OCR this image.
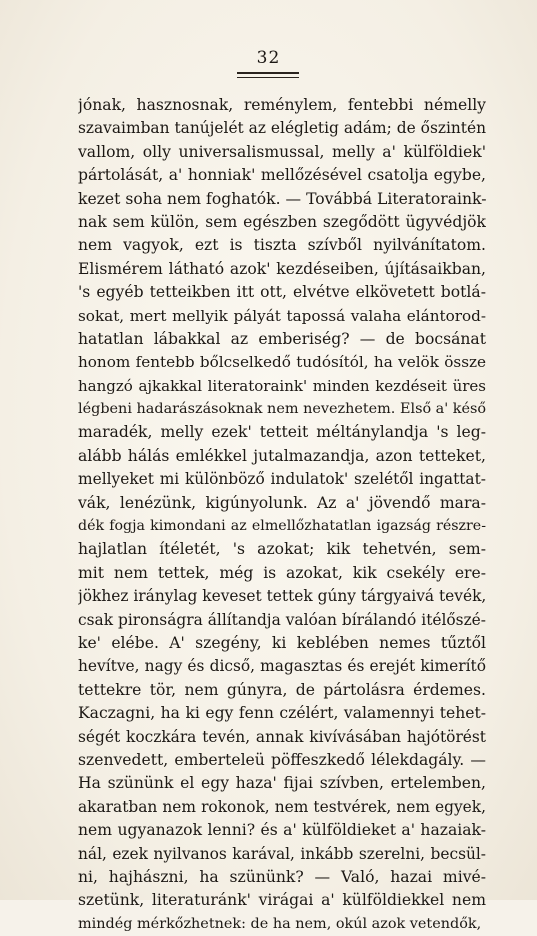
32
jónak, hasznosnak, reménylem, fentebbi némelly
szavaimban tanújelét az elégletig adám; de őszintén
vallom, olly universalismussal, melly a' külföldiek'
pártolását, a' honniak' mellőzésével csatolja egybe,
kezet soha nem foghatók. — Továbbá Literatoraink-
nak sem külön, sem egészben szegődött ügyvédjök
nem vagyok, ezt is tiszta szívből nyilvánítatom.
Elismérem látható azok' kezdéseiben, újításaikban,
's egyéb tetteikben itt ott, elvétve elkövetett botlá-
sokat, mert mellyik pályát tapossá valaha elántorod-
hatatlan lábakkal az emberiség? — de bocsánat
honom fentebb bőlcselkedő tudósítól, ha velök össze
hangzó ajkakkal literatoraink' minden kezdéseit üres
légbeni hadarászásoknak nem nevezhetem. Első a' késő
maradék, melly ezek' tetteit méltánylandja 's leg-
alább hálás emlékkel jutalmazandja, azon tetteket,
mellyeket mi különböző indulatok' szelétől ingattat-
vák, lenézünk, kigúnyolunk. Az a' jövendő mara-
dék fogja kimondani az elmellőzhatatlan igazság részre-
hajlatlan ítéletét, 's azokat; kik tehetvén, sem-
mit nem tettek, még is azokat, kik csekély ere-
jökhez iránylag keveset tettek gúny tárgyaivá tevék,
csak pironságra állítandja valóan bírálandó itélőszé-
ke' elébe. A' szegény, ki keblében nemes tűztől
hevítve, nagy és dicső, magasztas és erejét kimerítő
tettekre tör, nem gúnyra, de pártolásra érdemes.
Kaczagni, ha ki egy fenn czélért, valamennyi tehet-
ségét koczkára tevén, annak kivívásában hajótörést
szenvedett, emberteleü pöffeszkedő lélekdagály. —
Ha szününk el egy haza' fijai szívben, ertelemben,
akaratban nem rokonok, nem testvérek, nem egyek,
nem ugyanazok lenni? és a' külföldieket a' hazaiak-
nál, ezek nyilvanos karával, inkább szerelni, becsül-
ni, hajhászni, ha szününk? — Való, hazai mivé-
szetünk, literaturánk' virágai a' külföldiekkel nem
mindég mérkőzhetnek: de ha nem, okúl azok vetendők,
